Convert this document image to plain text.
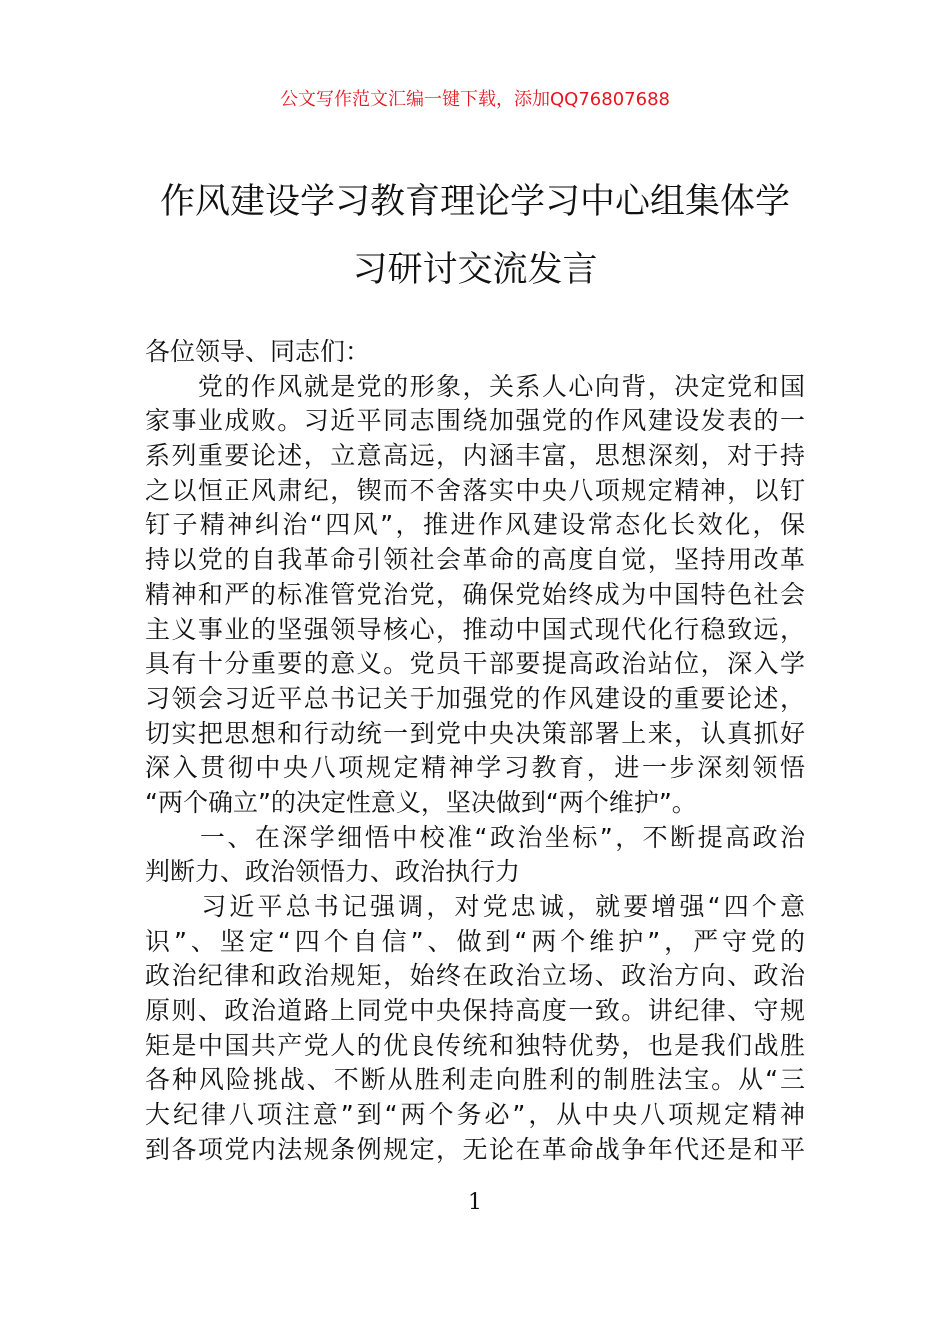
公文写作范文汇编一键下载，添加QQ76807688
作风建设学习教育理论学习中心组集体学
习研讨交流发言
各位领导、同志们：
　　党的作风就是党的形象，关系人心向背，决定党和国
家事业成败。习近平同志围绕加强党的作风建设发表的一
系列重要论述，立意高远，内涵丰富，思想深刻，对于持
之以恒正风肃纪，锲而不舍落实中央八项规定精神，以钉
钉子精神纠治“四风”，推进作风建设常态化长效化，保
持以党的自我革命引领社会革命的高度自觉，坚持用改革
精神和严的标准管党治党，确保党始终成为中国特色社会
主义事业的坚强领导核心，推动中国式现代化行稳致远，
具有十分重要的意义。党员干部要提高政治站位，深入学
习领会习近平总书记关于加强党的作风建设的重要论述，
切实把思想和行动统一到党中央决策部署上来，认真抓好
深入贯彻中央八项规定精神学习教育，进一步深刻领悟
“两个确立”的决定性意义，坚决做到“两个维护”。
　　一、在深学细悟中校准“政治坐标”，不断提高政治
判断力、政治领悟力、政治执行力
　　习近平总书记强调，对党忠诚，就要增强“四个意
识”、坚定“四个自信”、做到“两个维护”，严守党的
政治纪律和政治规矩，始终在政治立场、政治方向、政治
原则、政治道路上同党中央保持高度一致。讲纪律、守规
矩是中国共产党人的优良传统和独特优势，也是我们战胜
各种风险挑战、不断从胜利走向胜利的制胜法宝。从“三
大纪律八项注意”到“两个务必”，从中央八项规定精神
到各项党内法规条例规定，无论在革命战争年代还是和平
1
